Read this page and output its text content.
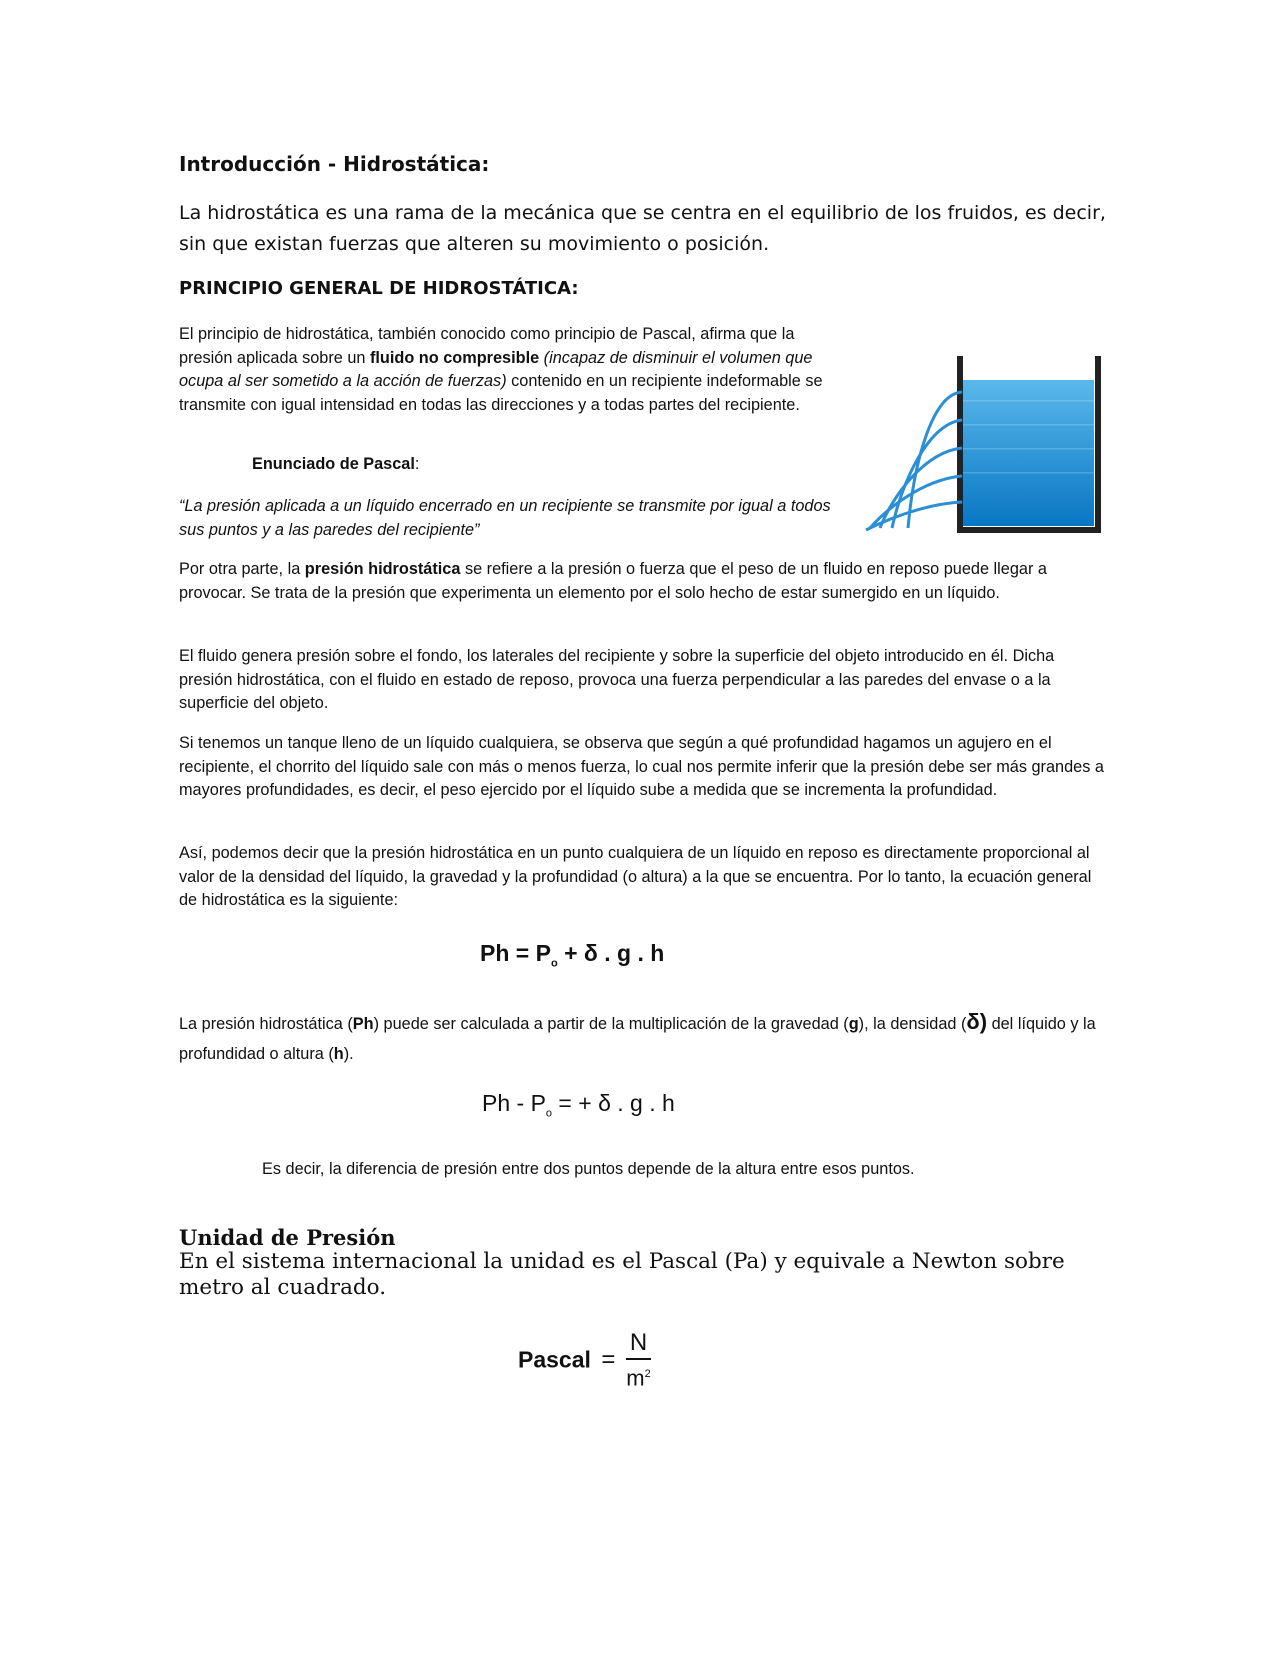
Introducción - Hidrostática:
La hidrostática es una rama de la mecánica que se centra en el equilibrio de los fruidos, es decir, sin que existan fuerzas que alteren su movimiento o posición.
PRINCIPIO GENERAL DE HIDROSTÁTICA:
El principio de hidrostática, también conocido como principio de Pascal, afirma que la presión aplicada sobre un fluido no compresible (incapaz de disminuir el volumen que ocupa al ser sometido a la acción de fuerzas) contenido en un recipiente indeformable se transmite con igual intensidad en todas las direcciones y a todas partes del recipiente.
Enunciado de Pascal:
“La presión aplicada a un líquido encerrado en un recipiente se transmite por igual a todos sus puntos y a las paredes del recipiente”
Por otra parte, la presión hidrostática se refiere a la presión o fuerza que el peso de un fluido en reposo puede llegar a provocar. Se trata de la presión que experimenta un elemento por el solo hecho de estar sumergido en un líquido.
El fluido genera presión sobre el fondo, los laterales del recipiente y sobre la superficie del objeto introducido en él. Dicha presión hidrostática, con el fluido en estado de reposo, provoca una fuerza perpendicular a las paredes del envase o a la superficie del objeto.
Si tenemos un tanque lleno de un líquido cualquiera, se observa que según a qué profundidad hagamos un agujero en el recipiente, el chorrito del líquido sale con más o menos fuerza, lo cual nos permite inferir que la presión debe ser más grandes a mayores profundidades, es decir, el peso ejercido por el líquido sube a medida que se incrementa la profundidad.
Así, podemos decir que la presión hidrostática en un punto cualquiera de un líquido en reposo es directamente proporcional al valor de la densidad del líquido, la gravedad y la profundidad (o altura) a la que se encuentra. Por lo tanto, la ecuación general de hidrostática es la siguiente:
$Ph = P_o + \delta$ . g . h
La presión hidrostática (Ph) puede ser calculada a partir de la multiplicación de la gravedad (g), la densidad (δ) del líquido y la profundidad o altura (h).
Ph - $P_o$ = + δ . g . h
Es decir, la diferencia de presión entre dos puntos depende de la altura entre esos puntos.
Unidad de Presión
En el sistema internacional la unidad es el Pascal (Pa) y equivale a Newton sobre metro al cuadrado.
Pascal = $\frac{N}{m^2}$
